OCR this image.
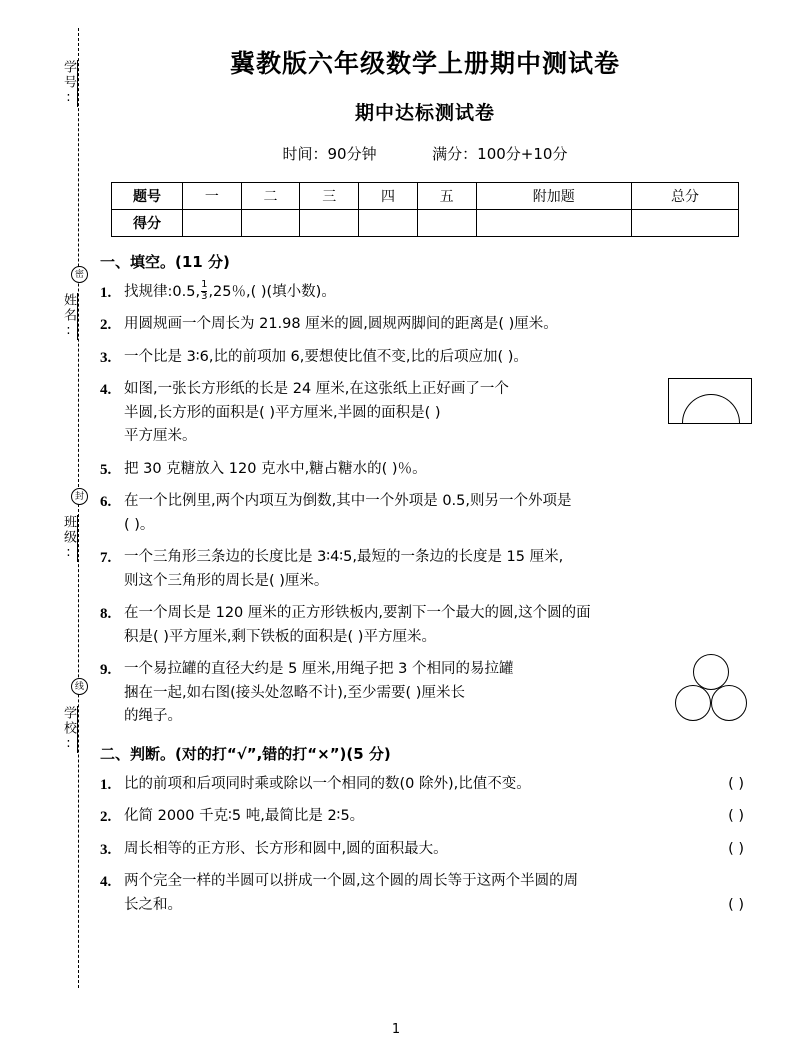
学号:
密
姓名:
封
班级:
线
学校:
冀教版六年级数学上册期中测试卷
期中达标测试卷
时间：90分钟	满分：100分+10分
题号	一	二	三	四	五	附加题	总分
得分							
一、填空。(11 分)
1. 找规律$:0.5,\frac{1}{3} ,25$％,( )(填小数)。
2. 用圆规画一个周长为 21.98 厘米的圆,圆规两脚间的距离是( )厘米。
3. 一个比是 3∶6,比的前项加 6,要想使比值不变,比的后项应加( )。
4. 如图,一张长方形纸的长是 24 厘米,在这张纸上正好画了一个
半圆,长方形的面积是( )平方厘米,半圆的面积是( )
平方厘米。
5. 把 30 克糖放入 120 克水中,糖占糖水的( )％。
6. 在一个比例里,两个内项互为倒数,其中一个外项是 0.5,则另一个外项是
( )。
7. 一个三角形三条边的长度比是 3∶4∶5,最短的一条边的长度是 15 厘米,
则这个三角形的周长是( )厘米。
8. 在一个周长是 120 厘米的正方形铁板内,要割下一个最大的圆,这个圆的面
积是( )平方厘米,剩下铁板的面积是( )平方厘米。
9. 一个易拉罐的直径大约是 5 厘米,用绳子把 3 个相同的易拉罐
捆在一起,如右图(接头处忽略不计),至少需要( )厘米长
的绳子。
二、判断。(对的打“√”,错的打“×”)(5 分)
1. 比的前项和后项同时乘或除以一个相同的数(0 除外),比值不变。	( )
2. 化简 2000 千克∶5 吨,最简比是 2∶5。	( )
3. 周长相等的正方形、长方形和圆中,圆的面积最大。	( )
4. 两个完全一样的半圆可以拼成一个圆,这个圆的周长等于这两个半圆的周
长之和。	( )
1
